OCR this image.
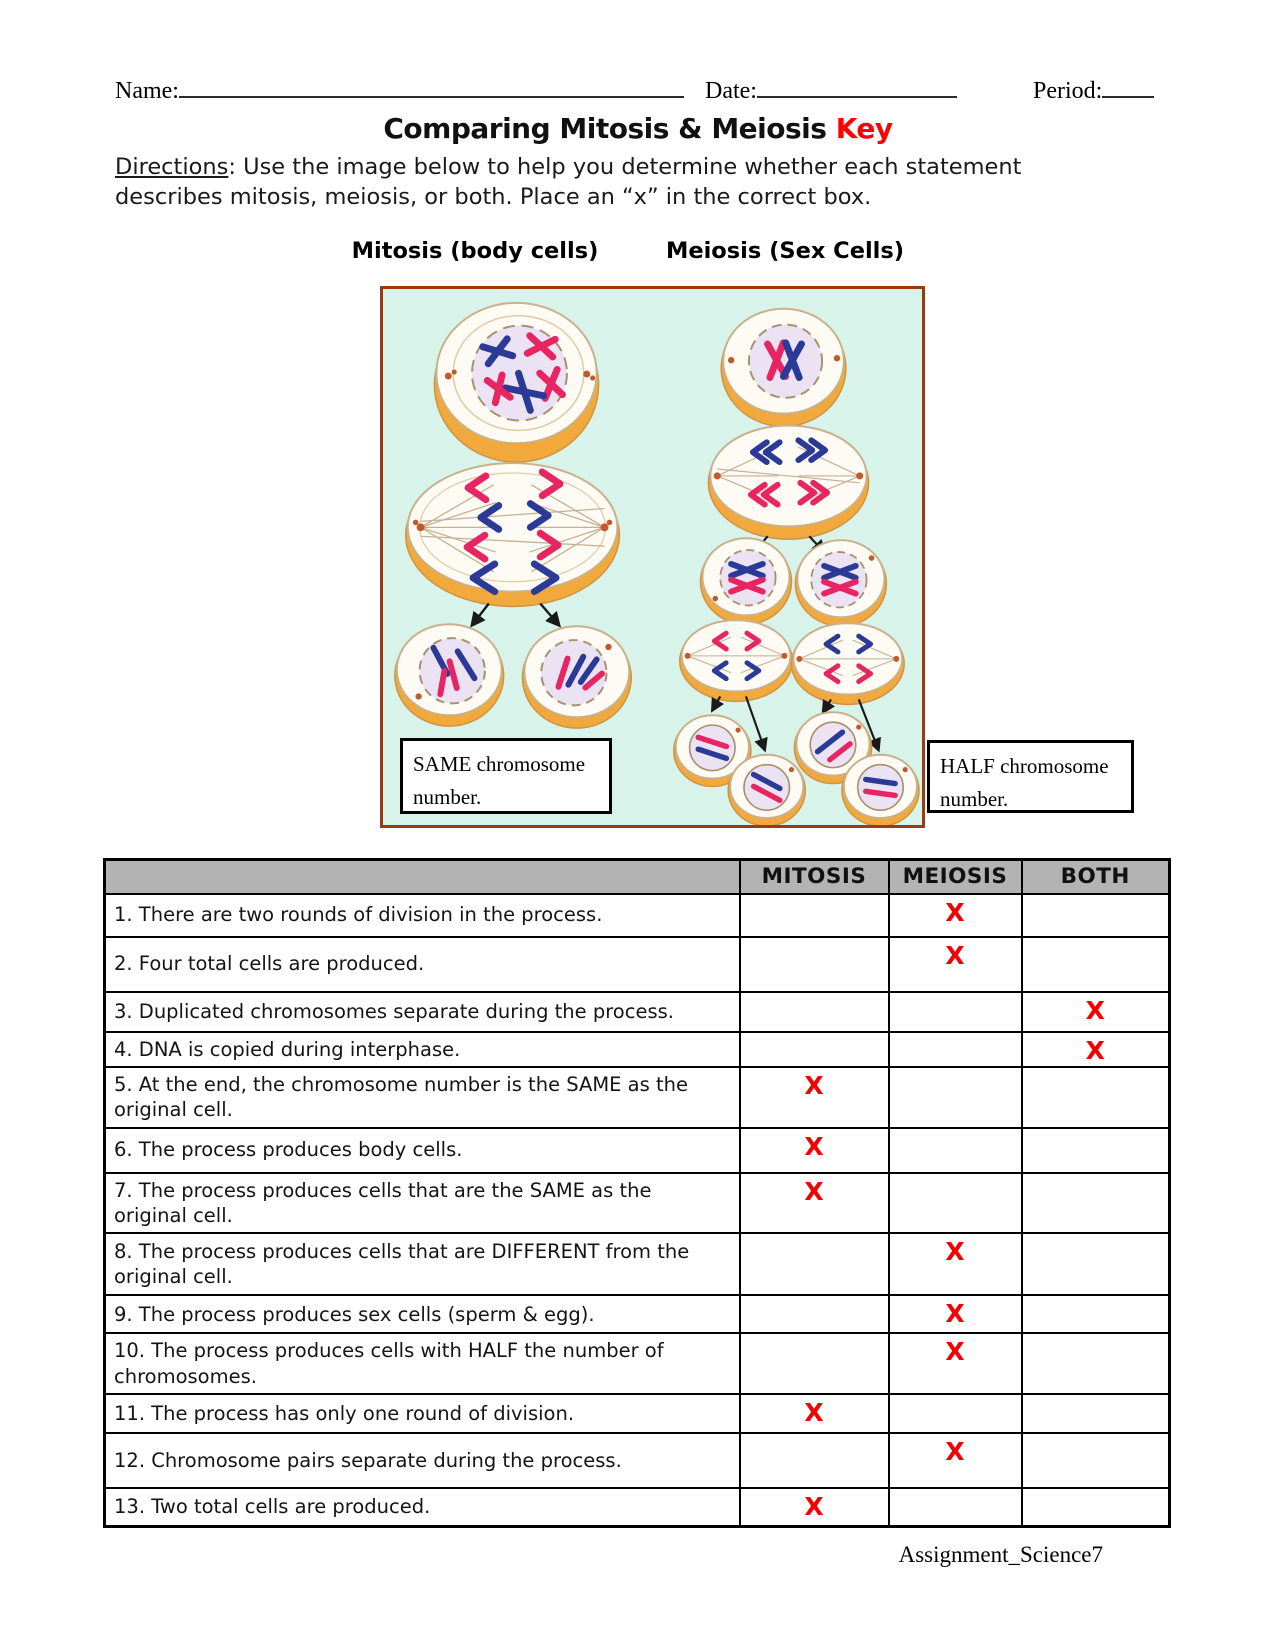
Name:	Date:	Period:
Comparing Mitosis & Meiosis Key
Directions: Use the image below to help you determine whether each statement describes mitosis, meiosis, or both. Place an “x” in the correct box.
Mitosis (body cells)	Meiosis (Sex Cells)
SAME chromosome number.
HALF chromosome number.
	MITOSIS	MEIOSIS	BOTH
1. There are two rounds of division in the process.		X	
2. Four total cells are produced.		X	
3. Duplicated chromosomes separate during the process.			X
4. DNA is copied during interphase.			X
5. At the end, the chromosome number is the SAME as the original cell.	X		
6. The process produces body cells.	X		
7. The process produces cells that are the SAME as the original cell.	X		
8. The process produces cells that are DIFFERENT from the original cell.		X	
9. The process produces sex cells (sperm & egg).		X	
10. The process produces cells with HALF the number of chromosomes.		X	
11. The process has only one round of division.	X		
12. Chromosome pairs separate during the process.		X	
13. Two total cells are produced.	X		
Assignment_Science7
